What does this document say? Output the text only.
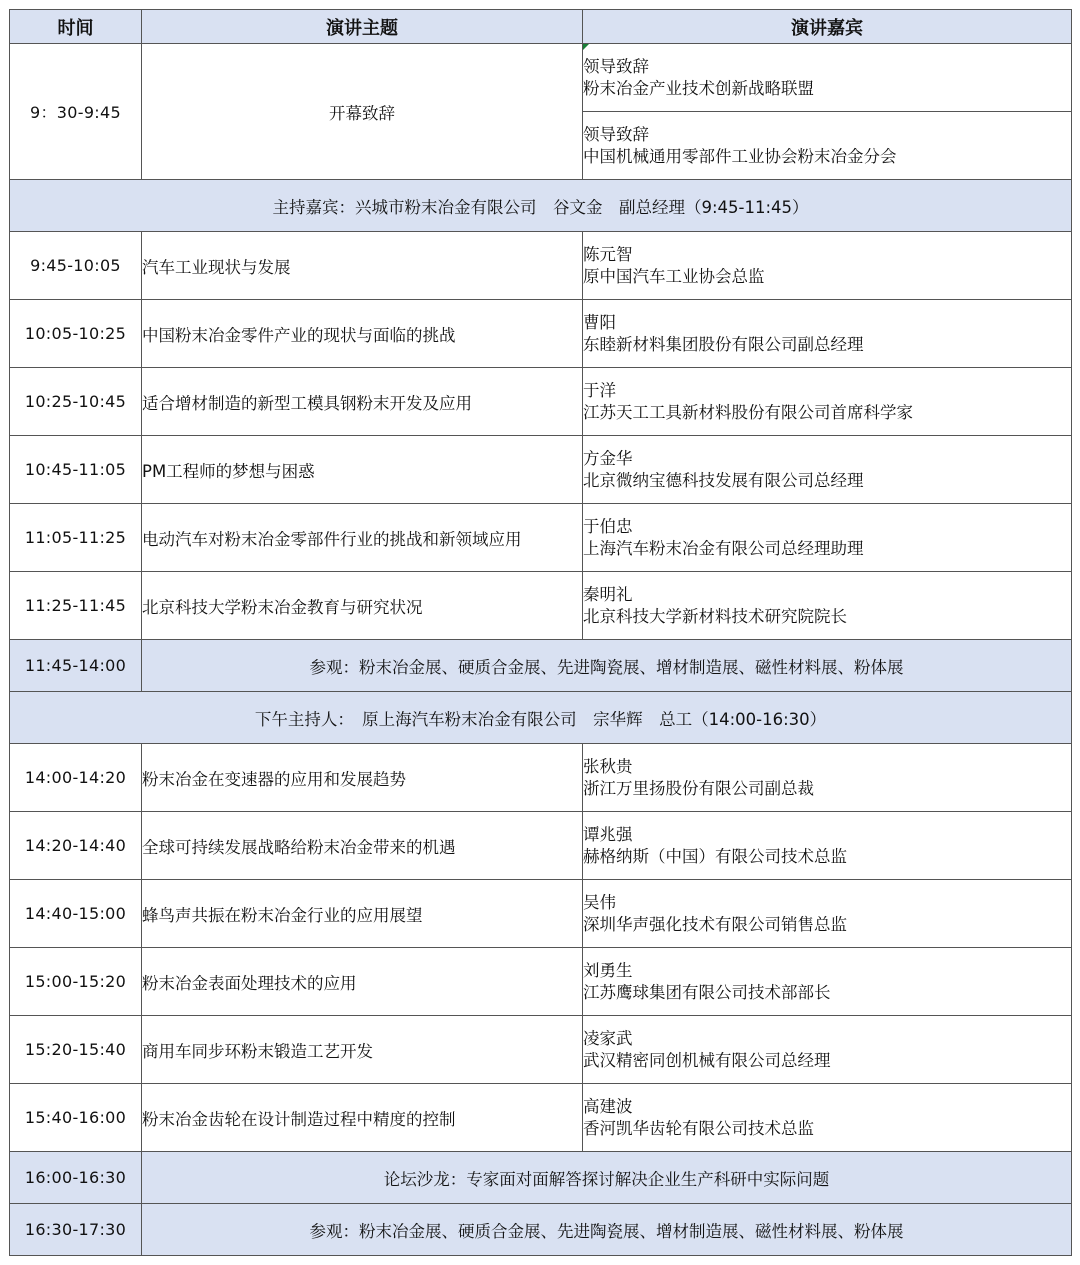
时间	演讲主题	演讲嘉宾
9：30-9:45	开幕致辞	领导致辞
粉末冶金产业技术创新战略联盟

		领导致辞
中国机械通用零部件工业协会粉末冶金分会

主持嘉宾：兴城市粉末冶金有限公司　谷文金　副总经理（9:45-11:45）		
9:45-10:05	汽车工业现状与发展	陈元智
原中国汽车工业协会总监

10:05-10:25	中国粉末冶金零件产业的现状与面临的挑战	曹阳
东睦新材料集团股份有限公司副总经理

10:25-10:45	适合增材制造的新型工模具钢粉末开发及应用	于洋
江苏天工工具新材料股份有限公司首席科学家

10:45-11:05	PM工程师的梦想与困惑	方金华
北京微纳宝德科技发展有限公司总经理

11:05-11:25	电动汽车对粉末冶金零部件行业的挑战和新领域应用	于伯忠
上海汽车粉末冶金有限公司总经理助理

11:25-11:45	北京科技大学粉末冶金教育与研究状况	秦明礼
北京科技大学新材料技术研究院院长

11:45-14:00	参观：粉末冶金展、硬质合金展、先进陶瓷展、增材制造展、磁性材料展、粉体展	
下午主持人：　原上海汽车粉末冶金有限公司　宗华辉　总工（14:00-16:30）		
14:00-14:20	粉末冶金在变速器的应用和发展趋势	张秋贵
浙江万里扬股份有限公司副总裁

14:20-14:40	全球可持续发展战略给粉末冶金带来的机遇	谭兆强
赫格纳斯（中国）有限公司技术总监

14:40-15:00	蜂鸟声共振在粉末冶金行业的应用展望	吴伟
深圳华声强化技术有限公司销售总监

15:00-15:20	粉末冶金表面处理技术的应用	刘勇生
江苏鹰球集团有限公司技术部部长

15:20-15:40	商用车同步环粉末锻造工艺开发	凌家武
武汉精密同创机械有限公司总经理

15:40-16:00	粉末冶金齿轮在设计制造过程中精度的控制	高建波
香河凯华齿轮有限公司技术总监

16:00-16:30	论坛沙龙：专家面对面解答探讨解决企业生产科研中实际问题	
16:30-17:30	参观：粉末冶金展、硬质合金展、先进陶瓷展、增材制造展、磁性材料展、粉体展	
